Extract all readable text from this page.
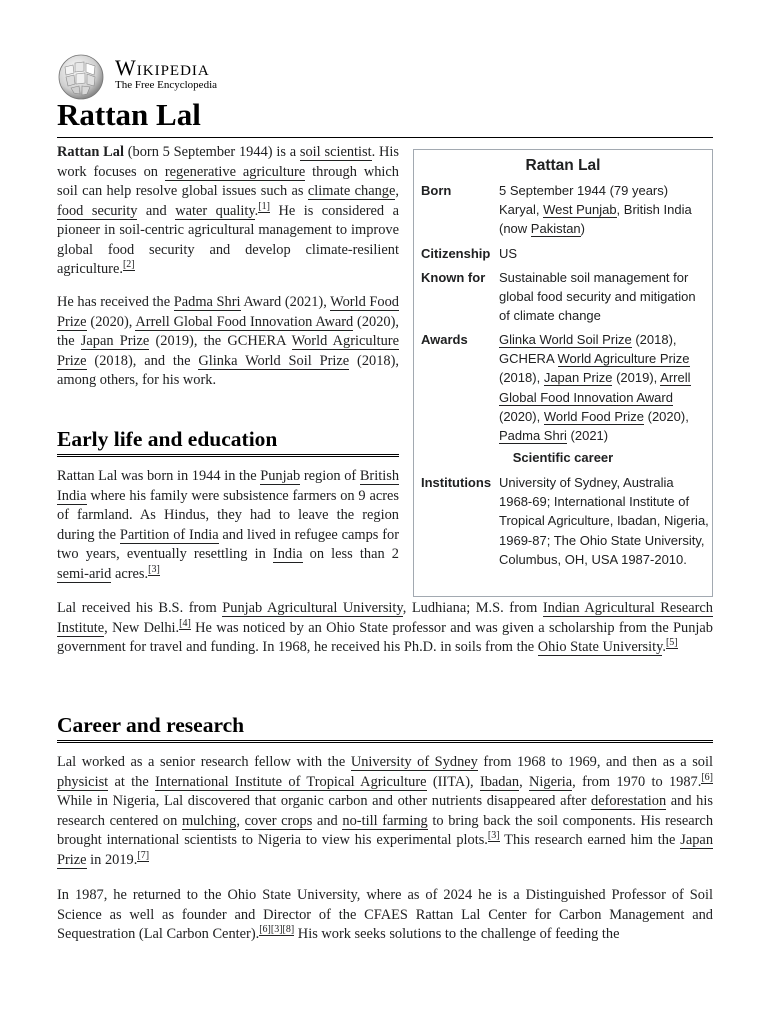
Wikipedia
The Free Encyclopedia
Rattan Lal

Rattan Lal (born 5 September 1944) is a soil scientist. His work focuses on regenerative agriculture through which soil can help resolve global issues such as climate change, food security and water quality.[1] He is considered a pioneer in soil-centric agricultural management to improve global food security and develop climate-resilient agriculture.[2]

He has received the Padma Shri Award (2021), World Food Prize (2020), Arrell Global Food Innovation Award (2020), the Japan Prize (2019), the GCHERA World Agriculture Prize (2018), and the Glinka World Soil Prize (2018), among others, for his work.

Early life and education

Rattan Lal was born in 1944 in the Punjab region of British India where his family were subsistence farmers on 9 acres of farmland. As Hindus, they had to leave the region during the Partition of India and lived in refugee camps for two years, eventually resettling in India on less than 2 semi-arid acres.[3]

Lal received his B.S. from Punjab Agricultural University, Ludhiana; M.S. from Indian Agricultural Research Institute, New Delhi.[4] He was noticed by an Ohio State professor and was given a scholarship from the Punjab government for travel and funding. In 1968, he received his Ph.D. in soils from the Ohio State University.[5]

Career and research

Lal worked as a senior research fellow with the University of Sydney from 1968 to 1969, and then as a soil physicist at the International Institute of Tropical Agriculture (IITA), Ibadan, Nigeria, from 1970 to 1987.[6] While in Nigeria, Lal discovered that organic carbon and other nutrients disappeared after deforestation and his research centered on mulching, cover crops and no-till farming to bring back the soil components. His research brought international scientists to Nigeria to view his experimental plots.[3] This research earned him the Japan Prize in 2019.[7]

In 1987, he returned to the Ohio State University, where as of 2024 he is a Distinguished Professor of Soil Science as well as founder and Director of the CFAES Rattan Lal Center for Carbon Management and Sequestration (Lal Carbon Center).[6][3][8] His work seeks solutions to the challenge of feeding the

Rattan Lal
Born	5 September 1944 (79 years)
Karyal, West Punjab, British India (now Pakistan)
Citizenship US
Known for	Sustainable soil management for global food security and mitigation of climate change
Awards	Glinka World Soil Prize (2018), GCHERA World Agriculture Prize (2018), Japan Prize (2019), Arrell Global Food Innovation Award (2020), World Food Prize (2020), Padma Shri (2021)
Scientific career
Institutions University of Sydney, Australia 1968-69; International Institute of Tropical Agriculture, Ibadan, Nigeria, 1969-87; The Ohio State University, Columbus, OH, USA 1987-2010.
